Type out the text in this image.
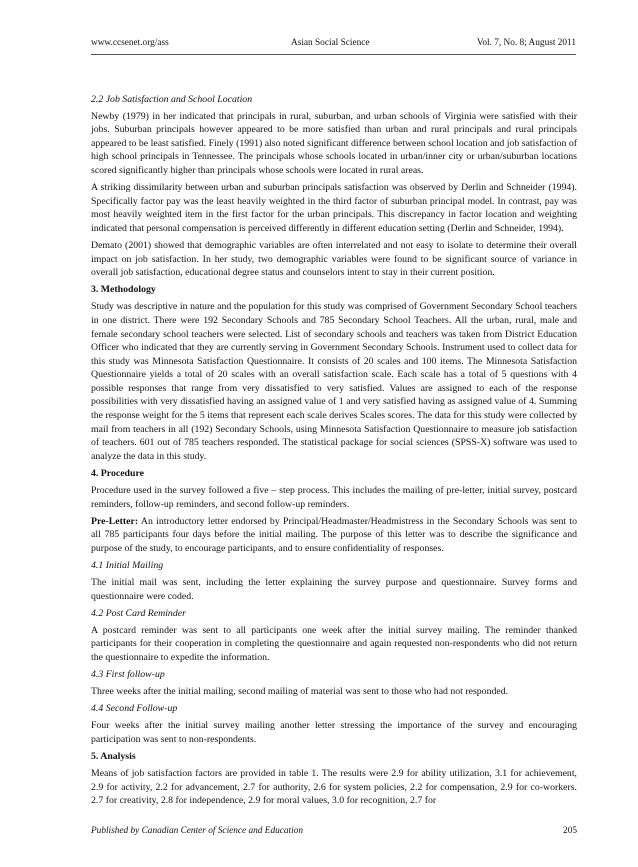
www.ccsenet.org/ass	Asian Social Science	Vol. 7, No. 8; August 2011
2.2 Job Satisfaction and School Location

Newby (1979) in her indicated that principals in rural, suburban, and urban schools of Virginia were satisfied with their jobs. Suburban principals however appeared to be more satisfied than urban and rural principals and rural principals appeared to be least satisfied. Finely (1991) also noted significant difference between school location and job satisfaction of high school principals in Tennessee. The principals whose schools located in urban/inner city or urban/suburban locations scored significantly higher than principals whose schools were located in rural areas.

A striking dissimilarity between urban and suburban principals satisfaction was observed by Derlin and Schneider (1994). Specifically factor pay was the least heavily weighted in the third factor of suburban principal model. In contrast, pay was most heavily weighted item in the first factor for the urban principals. This discrepancy in factor location and weighting indicated that personal compensation is perceived differently in different education setting (Derlin and Schneider, 1994).

Demato (2001) showed that demographic variables are often interrelated and not easy to isolate to determine their overall impact on job satisfaction. In her study, two demographic variables were found to be significant source of variance in overall job satisfaction, educational degree status and counselors intent to stay in their current position.

3. Methodology

Study was descriptive in nature and the population for this study was comprised of Government Secondary School teachers in one district. There were 192 Secondary Schools and 785 Secondary School Teachers. All the urban, rural, male and female secondary school teachers were selected. List of secondary schools and teachers was taken from District Education Officer who indicated that they are currently serving in Government Secondary Schools. Instrument used to collect data for this study was Minnesota Satisfaction Questionnaire. It consists of 20 scales and 100 items. The Minnesota Satisfaction Questionnaire yields a total of 20 scales with an overall satisfaction scale. Each scale has a total of 5 questions with 4 possible responses that range from very dissatisfied to very satisfied. Values are assigned to each of the response possibilities with very dissatisfied having an assigned value of 1 and very satisfied having as assigned value of 4. Summing the response weight for the 5 items that represent each scale derives Scales scores. The data for this study were collected by mail from teachers in all (192) Secondary Schools, using Minnesota Satisfaction Questionnaire to measure job satisfaction of teachers. 601 out of 785 teachers responded. The statistical package for social sciences (SPSS-X) software was used to analyze the data in this study.

4. Procedure

Procedure used in the survey followed a five – step process. This includes the mailing of pre-letter, initial survey, postcard reminders, follow-up reminders, and second follow-up reminders.

Pre-Letter: An introductory letter endorsed by Principal/Headmaster/Headmistress in the Secondary Schools was sent to all 785 participants four days before the initial mailing. The purpose of this letter was to describe the significance and purpose of the study, to encourage participants, and to ensure confidentiality of responses.

4.1 Initial Mailing

The initial mail was sent, including the letter explaining the survey purpose and questionnaire. Survey forms and questionnaire were coded.

4.2 Post Card Reminder

A postcard reminder was sent to all participants one week after the initial survey mailing. The reminder thanked participants for their cooperation in completing the questionnaire and again requested non-respondents who did not return the questionnaire to expedite the information.

4.3 First follow-up

Three weeks after the initial mailing, second mailing of material was sent to those who had not responded.

4.4 Second Follow-up

Four weeks after the initial survey mailing another letter stressing the importance of the survey and encouraging participation was sent to non-respondents.

5. Analysis

Means of job satisfaction factors are provided in table 1. The results were 2.9 for ability utilization, 3.1 for achievement, 2.9 for activity, 2.2 for advancement, 2.7 for authority, 2.6 for system policies, 2.2 for compensation, 2.9 for co-workers. 2.7 for creativity, 2.8 for independence, 2.9 for moral values, 3.0 for recognition, 2.7 for

Published by Canadian Center of Science and Education	205
